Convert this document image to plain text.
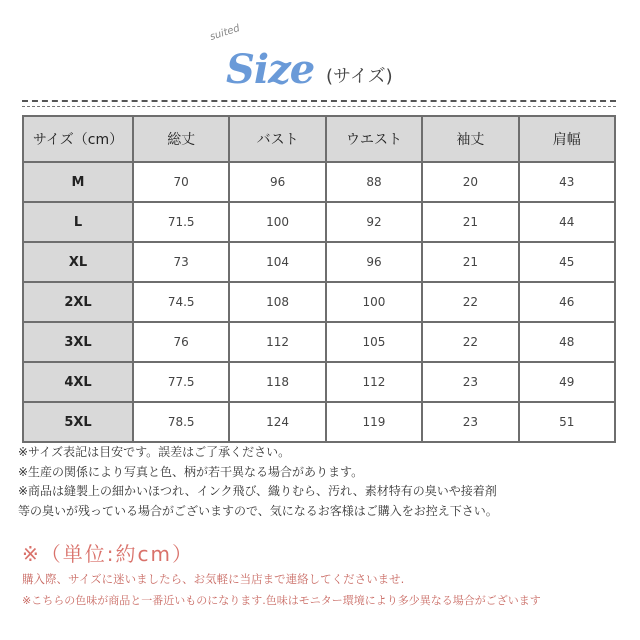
suited
Size (サイズ)
サイズ（cm）	総丈	バスト	ウエスト	袖丈	肩幅
M	70	96	88	20	43
L	71.5	100	92	21	44
XL	73	104	96	21	45
2XL	74.5	108	100	22	46
3XL	76	112	105	22	48
4XL	77.5	118	112	23	49
5XL	78.5	124	119	23	51
※サイズ表記は目安です。誤差はご了承ください。
※生産の関係により写真と色、柄が若干異なる場合があります。
※商品は縫製上の細かいほつれ、インク飛び、織りむら、汚れ、素材特有の臭いや接着剤
等の臭いが残っている場合がございますので、気になるお客様はご購入をお控え下さい。
※（単位:約cm）
購入際、サイズに迷いましたら、お気軽に当店まで連絡してくださいませ.
※こちらの色味が商品と一番近いものになります.色味はモニター環境により多少異なる場合がございます
